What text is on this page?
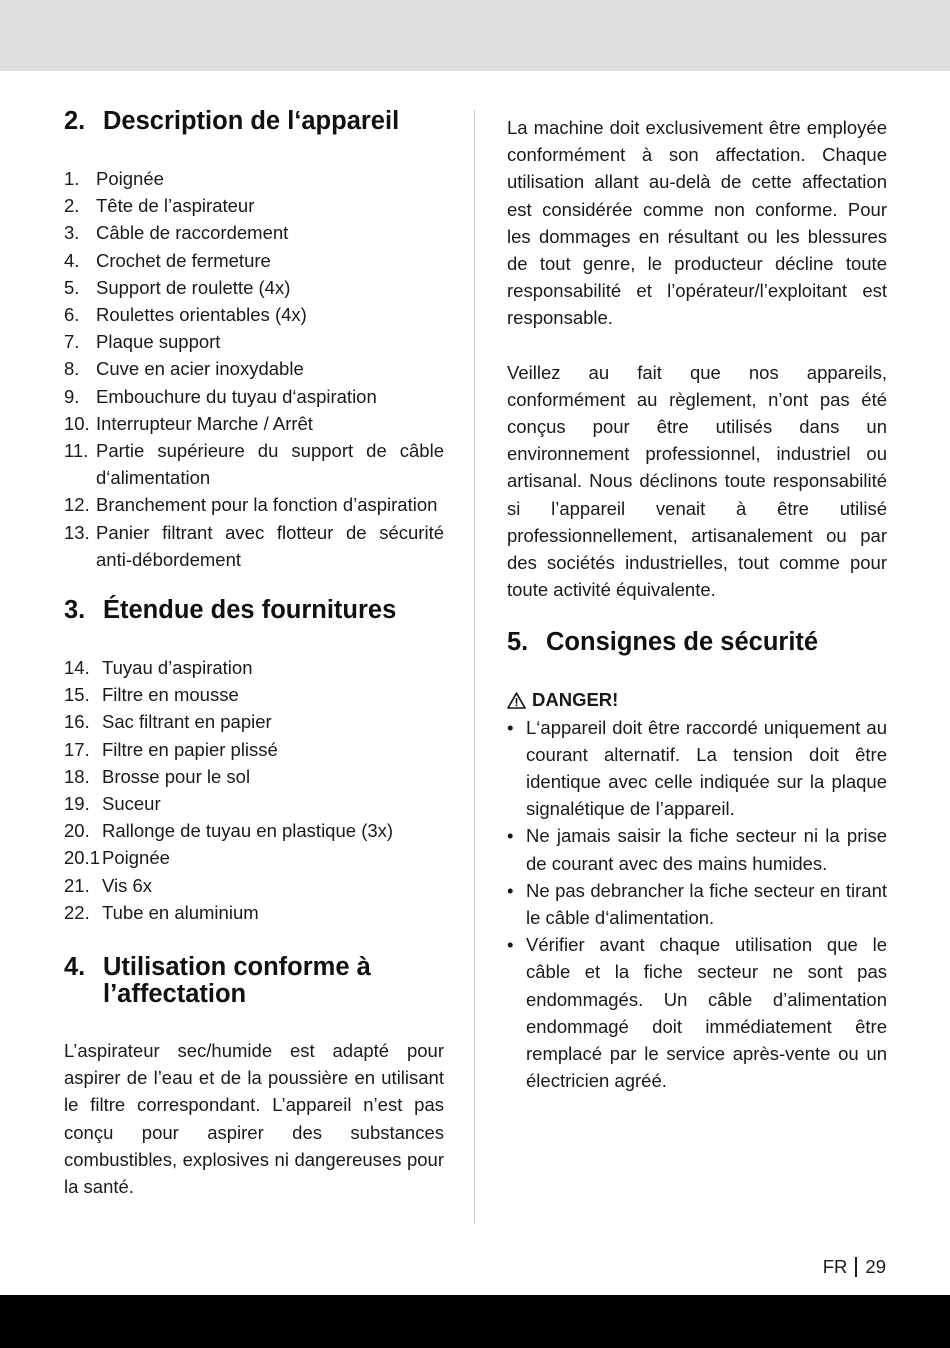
2. Description de l‘appareil
1. Poignée
2. Tête de l’aspirateur
3. Câble de raccordement
4. Crochet de fermeture
5. Support de roulette (4x)
6. Roulettes orientables (4x)
7. Plaque support
8. Cuve en acier inoxydable
9. Embouchure du tuyau d‘aspiration
10. Interrupteur Marche / Arrêt
11. Partie supérieure du support de câble d‘alimentation
12. Branchement pour la fonction d’aspiration
13. Panier filtrant avec flotteur de sécurité anti-débordement
3. Étendue des fournitures
14. Tuyau d’aspiration
15. Filtre en mousse
16. Sac filtrant en papier
17. Filtre en papier plissé
18. Brosse pour le sol
19. Suceur
20. Rallonge de tuyau en plastique (3x)
20.1 Poignée
21. Vis 6x
22. Tube en aluminium
4. Utilisation conforme à l’affectation

L’aspirateur sec/humide est adapté pour aspirer de l’eau et de la poussière en utilisant le filtre correspondant. L’appareil n’est pas conçu pour aspirer des substances combustibles, explosives ni dangereuses pour la santé.

La machine doit exclusivement être employée conformément à son affectation. Chaque utilisation allant au-delà de cette affectation est considérée comme non conforme. Pour les dommages en résultant ou les blessures de tout genre, le producteur décline toute responsabilité et l’opérateur/l’exploitant est responsable.

Veillez au fait que nos appareils, conformément au règlement, n’ont pas été conçus pour être utilisés dans un environnement professionnel, industriel ou artisanal. Nous déclinons toute responsabilité si l’appareil venait à être utilisé professionnellement, artisanalement ou par des sociétés industrielles, tout comme pour toute activité équivalente.

5. Consignes de sécurité
DANGER!
• L‘appareil doit être raccordé uniquement au courant alternatif. La tension doit être identique avec celle indiquée sur la plaque signalétique de l’appareil.
• Ne jamais saisir la fiche secteur ni la prise de courant avec des mains humides.
• Ne pas debrancher la fiche secteur en tirant le câble d‘alimentation.
• Vérifier avant chaque utilisation que le câble et la fiche secteur ne sont pas endommagés. Un câble d’alimentation endommagé doit immédiatement être remplacé par le service après-vente ou un électricien agréé.
FR 29
